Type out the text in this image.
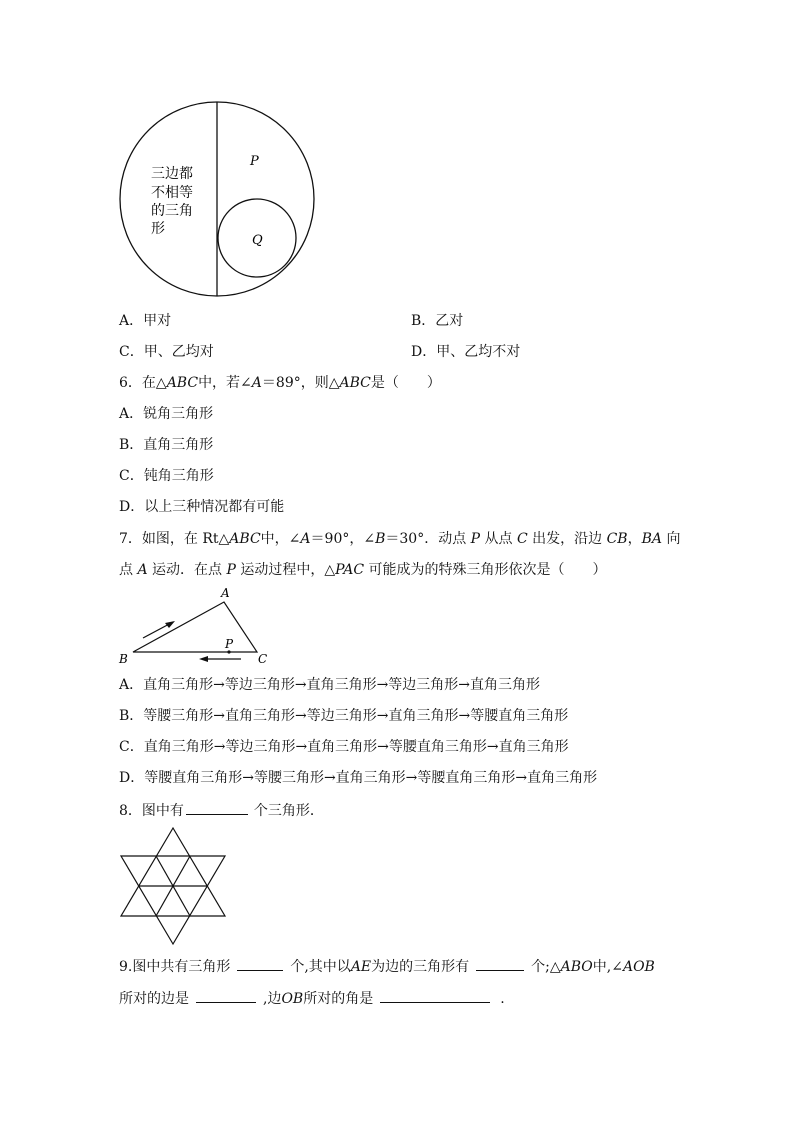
三边都
不相等
的三角
形
P
Q
A．甲对	B．乙对
C．甲、乙均对	D．甲、乙均不对
6．在△ABC中，若∠A＝89°，则△ABC是（　　）
A．锐角三角形
B．直角三角形
C．钝角三角形
D．以上三种情况都有可能
7．如图，在 Rt△ABC中，∠A＝90°，∠B＝30°．动点 P 从点 C 出发，沿边 CB，BA 向
点 A 运动．在点 P 运动过程中，△PAC 可能成为的特殊三角形依次是（　　）
A
B	C
P
A．直角三角形→等边三角形→直角三角形→等边三角形→直角三角形
B．等腰三角形→直角三角形→等边三角形→直角三角形→等腰直角三角形
C．直角三角形→等边三角形→直角三角形→等腰直角三角形→直角三角形
D．等腰直角三角形→等腰三角形→直角三角形→等腰直角三角形→直角三角形
8．图中有	个三角形．
9.图中共有三角形	个,其中以AE为边的三角形有	个;△ABO中,∠AOB
所对的边是	,边OB所对的角是	.
